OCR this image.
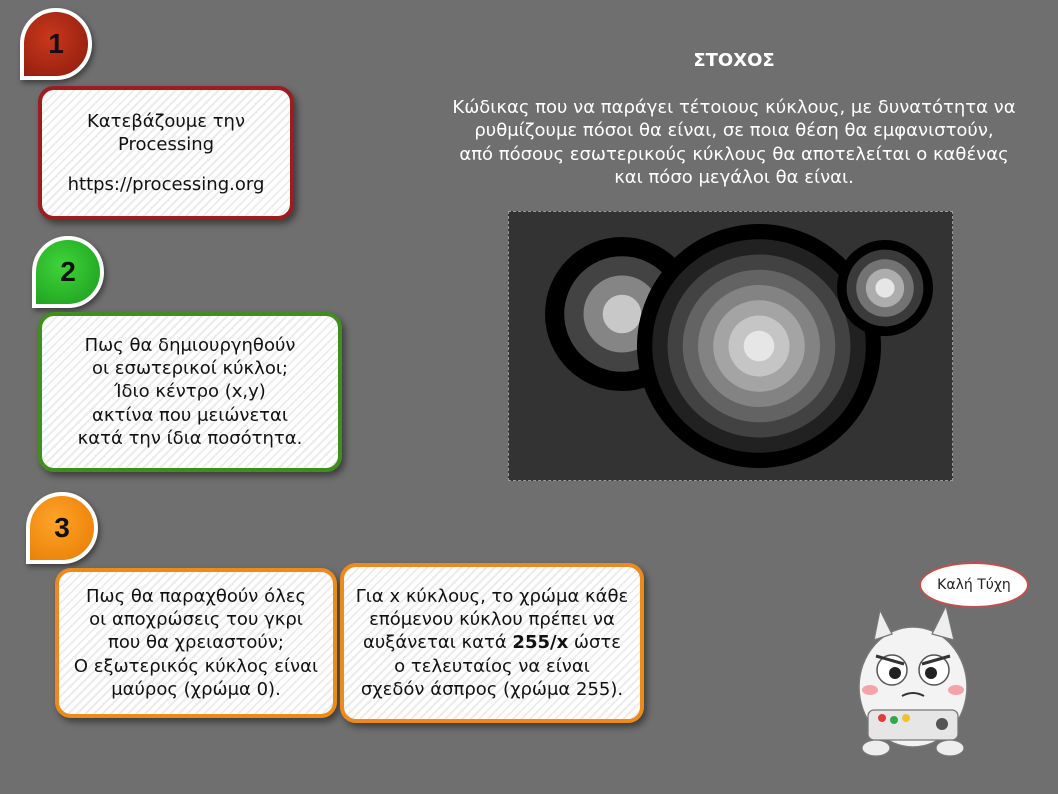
1
2
3
Κατεβάζουμε την
Processing
https://processing.org
Πως θα δημιουργηθούν
οι εσωτερικοί κύκλοι;
Ίδιο κέντρο (x,y)
ακτίνα που μειώνεται
κατά την ίδια ποσότητα.
Πως θα παραχθούν όλες
οι αποχρώσεις του γκρι
που θα χρειαστούν;
Ο εξωτερικός κύκλος είναι
μαύρος (χρώμα 0).
Για x κύκλους, το χρώμα κάθε
επόμενου κύκλου πρέπει να
αυξάνεται κατά 255/x ώστε
ο τελευταίος να είναι
σχεδόν άσπρος (χρώμα 255).
ΣΤΟΧΟΣ
Κώδικας που να παράγει τέτοιους κύκλους, με δυνατότητα να
ρυθμίζουμε πόσοι θα είναι, σε ποια θέση θα εμφανιστούν,
από πόσους εσωτερικούς κύκλους θα αποτελείται ο καθένας
και πόσο μεγάλοι θα είναι.
Καλή Τύχη
